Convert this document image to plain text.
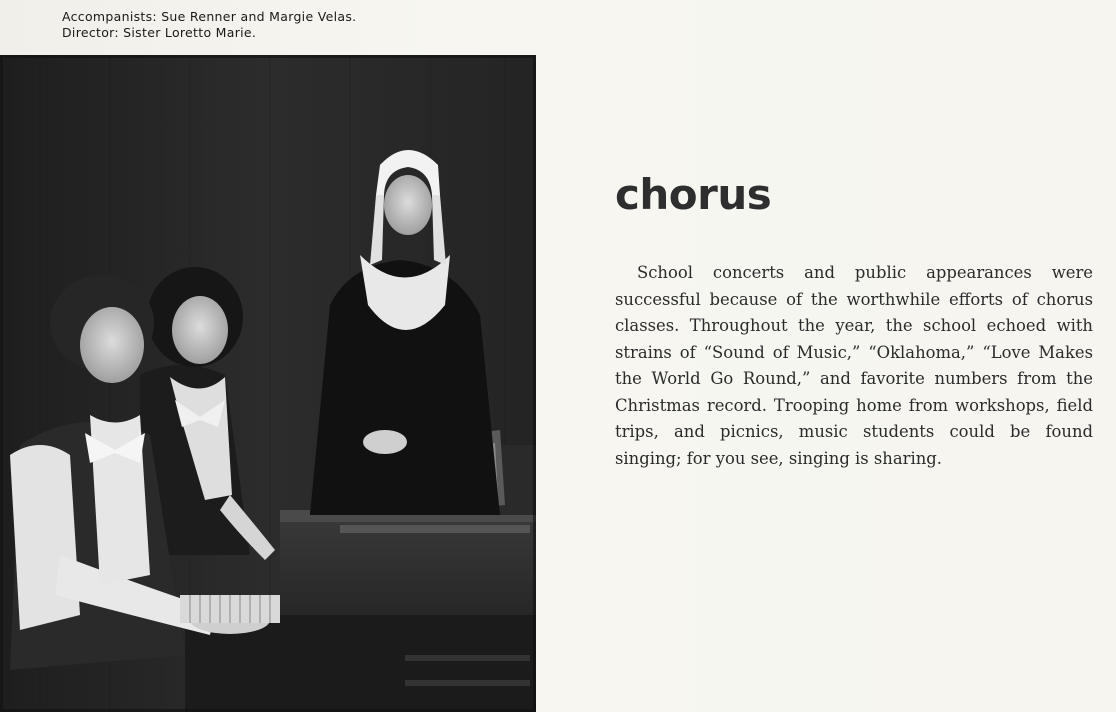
Accompanists: Sue Renner and Margie Velas.
Director: Sister Loretto Marie.
chorus

School concerts and public appearances were successful because of the worthwhile efforts of chorus classes. Throughout the year, the school echoed with strains of “Sound of Music,” “Oklahoma,” “Love Makes the World Go Round,” and favorite numbers from the Christmas record. Trooping home from workshops, field trips, and picnics, music students could be found singing; for you see, singing is sharing.
